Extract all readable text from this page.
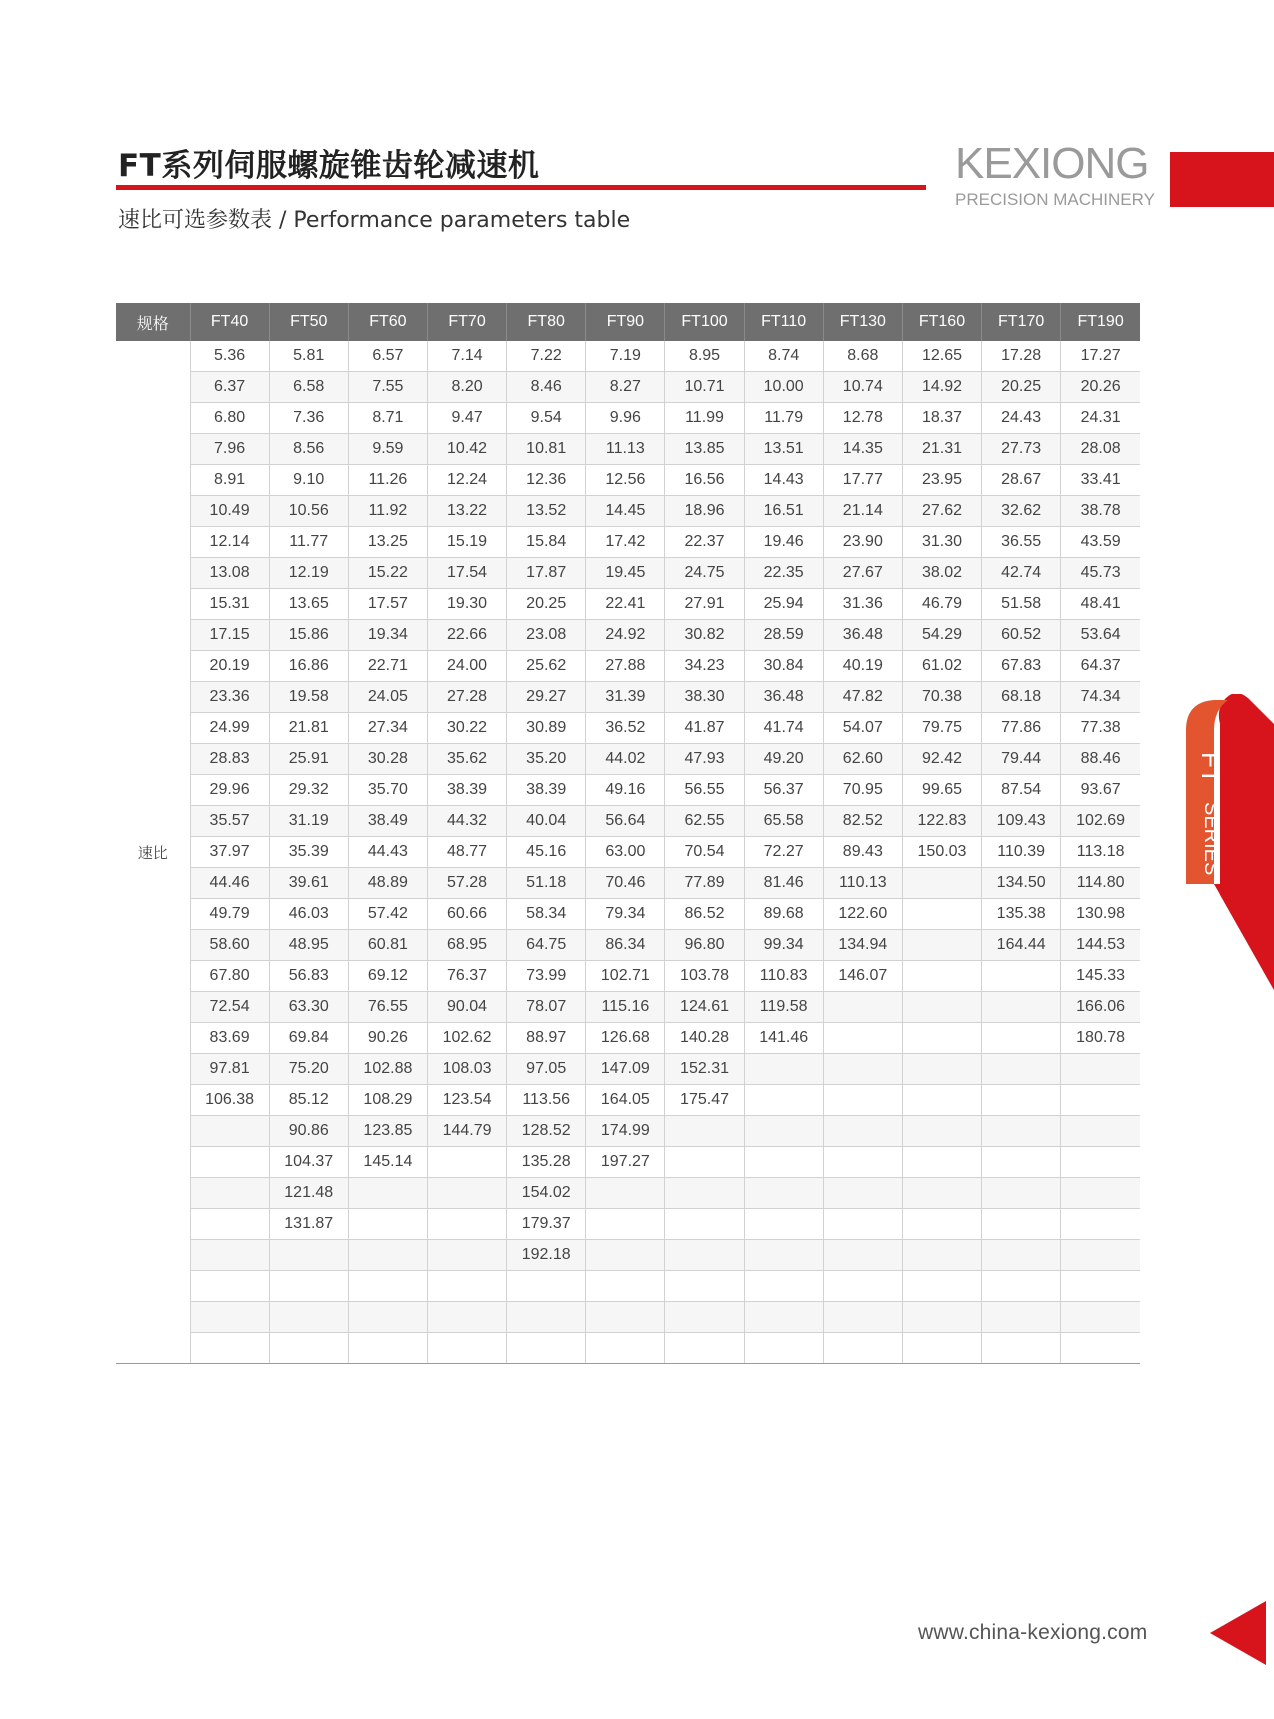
FT系列伺服螺旋锥齿轮减速机
速比可选参数表 / Performance parameters table
KEXIONG
PRECISION MACHINERY
规格	FT40	FT50	FT60	FT70	FT80	FT90	FT100	FT110	FT130	FT160	FT170	FT190
速比	5.36	5.81	6.57	7.14	7.22	7.19	8.95	8.74	8.68	12.65	17.28	17.27
	6.37	6.58	7.55	8.20	8.46	8.27	10.71	10.00	10.74	14.92	20.25	20.26
	6.80	7.36	8.71	9.47	9.54	9.96	11.99	11.79	12.78	18.37	24.43	24.31
	7.96	8.56	9.59	10.42	10.81	11.13	13.85	13.51	14.35	21.31	27.73	28.08
	8.91	9.10	11.26	12.24	12.36	12.56	16.56	14.43	17.77	23.95	28.67	33.41
	10.49	10.56	11.92	13.22	13.52	14.45	18.96	16.51	21.14	27.62	32.62	38.78
	12.14	11.77	13.25	15.19	15.84	17.42	22.37	19.46	23.90	31.30	36.55	43.59
	13.08	12.19	15.22	17.54	17.87	19.45	24.75	22.35	27.67	38.02	42.74	45.73
	15.31	13.65	17.57	19.30	20.25	22.41	27.91	25.94	31.36	46.79	51.58	48.41
	17.15	15.86	19.34	22.66	23.08	24.92	30.82	28.59	36.48	54.29	60.52	53.64
	20.19	16.86	22.71	24.00	25.62	27.88	34.23	30.84	40.19	61.02	67.83	64.37
	23.36	19.58	24.05	27.28	29.27	31.39	38.30	36.48	47.82	70.38	68.18	74.34
	24.99	21.81	27.34	30.22	30.89	36.52	41.87	41.74	54.07	79.75	77.86	77.38
	28.83	25.91	30.28	35.62	35.20	44.02	47.93	49.20	62.60	92.42	79.44	88.46
	29.96	29.32	35.70	38.39	38.39	49.16	56.55	56.37	70.95	99.65	87.54	93.67
	35.57	31.19	38.49	44.32	40.04	56.64	62.55	65.58	82.52	122.83	109.43	102.69
	37.97	35.39	44.43	48.77	45.16	63.00	70.54	72.27	89.43	150.03	110.39	113.18
	44.46	39.61	48.89	57.28	51.18	70.46	77.89	81.46	110.13		134.50	114.80
	49.79	46.03	57.42	60.66	58.34	79.34	86.52	89.68	122.60		135.38	130.98
	58.60	48.95	60.81	68.95	64.75	86.34	96.80	99.34	134.94		164.44	144.53
	67.80	56.83	69.12	76.37	73.99	102.71	103.78	110.83	146.07			145.33
	72.54	63.30	76.55	90.04	78.07	115.16	124.61	119.58				166.06
	83.69	69.84	90.26	102.62	88.97	126.68	140.28	141.46				180.78
	97.81	75.20	102.88	108.03	97.05	147.09	152.31					
	106.38	85.12	108.29	123.54	113.56	164.05	175.47					
		90.86	123.85	144.79	128.52	174.99						
		104.37	145.14		135.28	197.27						
		121.48			154.02							
		131.87			179.37							
					192.18							

FT SERIES
www.china-kexiong.com
